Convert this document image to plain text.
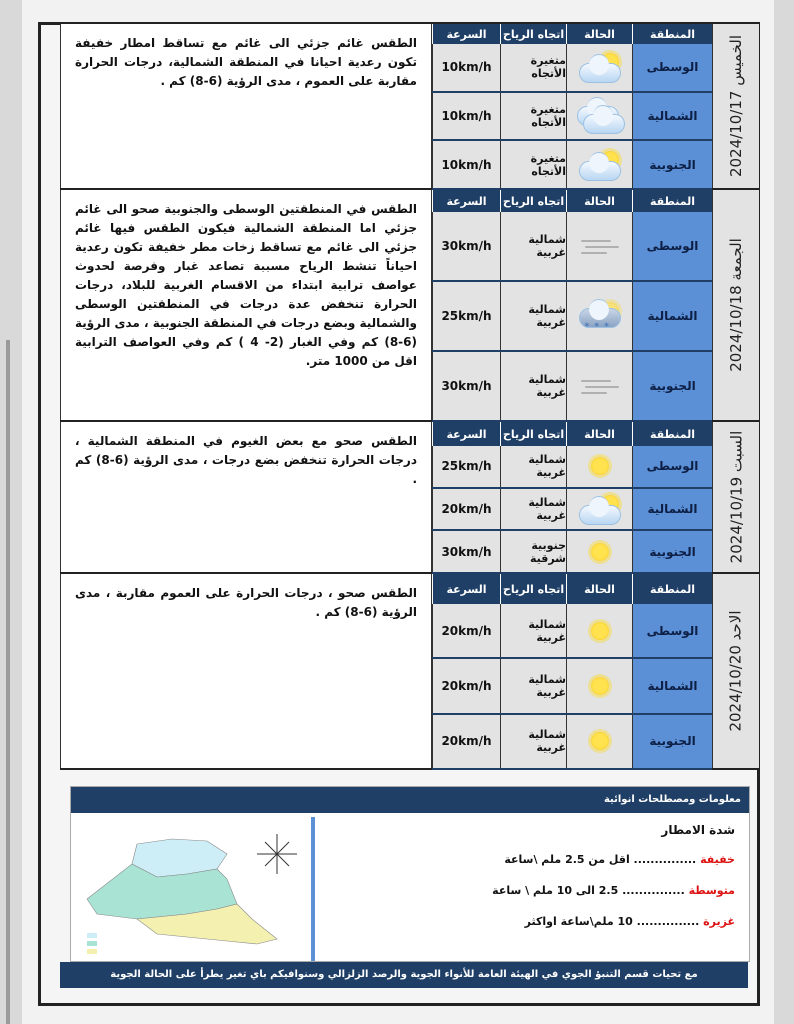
الطقس غائم جزئي الى غائم مع تساقط امطار خفيفة تكون رعدية احيانا في المنطقة الشمالية، درجات الحرارة مقاربة على العموم ، مدى الرؤية (6-8) كم .
المنطقة
الحالة
اتجاه الرياح
السرعة
الوسطى
متغيرة الأتجاه
10km/h
الشمالية
متغيرة الأتجاه
10km/h
الجنوبية
متغيرة الأتجاه
10km/h	الخميس 2024/10/17
الطقس في المنطقتين الوسطى والجنوبية صحو الى غائم جزئي اما المنطقة الشمالية فيكون الطقس فيها غائم جزئي الى غائم مع تساقط زخات مطر خفيفة تكون رعدية احياناً تنشط الرياح مسببة تصاعد غبار وفرصة لحدوث عواصف ترابية ابتداء من الاقسام الغربية للبلاد، درجات الحرارة تنخفض عدة درجات في المنطقتين الوسطى والشمالية وبضع درجات في المنطقة الجنوبية ، مدى الرؤية (6-8) كم وفي الغبار (2- 4 ) كم وفي العواصف الترابية اقل من 1000 متر.
المنطقة
الحالة
اتجاه الرياح
السرعة
الوسطى
شمالية غربية
30km/h
الشمالية
* * *
شمالية غربية
25km/h
الجنوبية
شمالية غربية
30km/h
الجمعة 2024/10/18
الطقس صحو مع بعض الغيوم في المنطقة الشمالية ، درجات الحرارة تنخفض بضع درجات ، مدى الرؤية (6-8) كم .
المنطقة
الحالة
اتجاه الرياح
السرعة
الوسطى
شمالية غربية
25km/h
الشمالية
شمالية غربية
20km/h
الجنوبية
جنوبية شرقية
30km/h	السبت 2024/10/19
الطقس صحو ، درجات الحرارة على العموم مقاربة ، مدى الرؤية (6-8) كم .
المنطقة
الحالة
اتجاه الرياح
السرعة
الوسطى
شمالية غربية
20km/h
الشمالية
شمالية غربية
20km/h
الجنوبية
شمالية غربية
20km/h
الاحد 2024/10/20
معلومات ومصطلحات انوائية
شدة الامطار
خفيفة ............... اقل من 2.5 ملم \ساعة
متوسطة ............... 2.5 الى 10 ملم \ ساعة
غزيرة ............... 10 ملم\ساعة اواكثر
مع تحيات قسم التنبؤ الجوي في الهيئة العامة للأنواء الجوية والرصد الزلزالي وسنوافيكم باي تغير يطرأ على الحالة الجوية
